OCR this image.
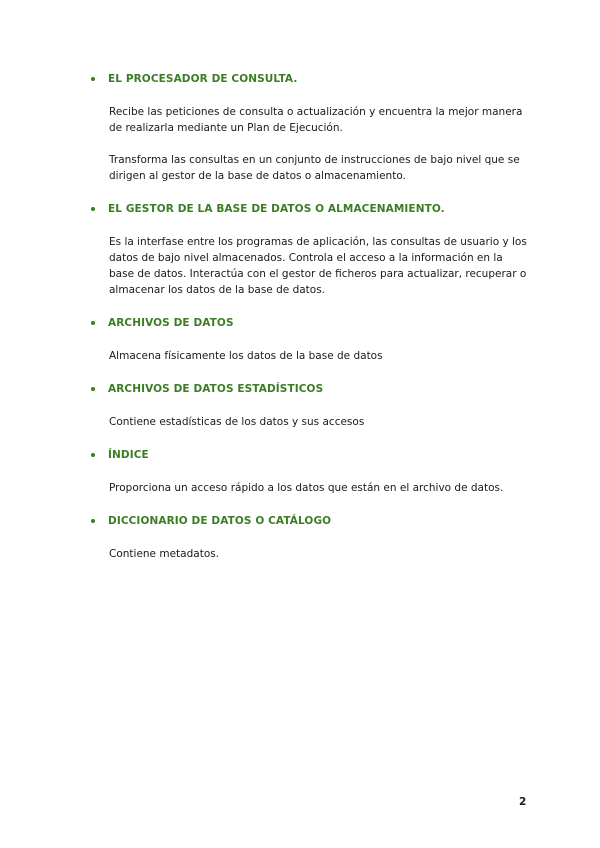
EL PROCESADOR DE CONSULTA.

Recibe las peticiones de consulta o actualización y encuentra la mejor manera de realizarla mediante un Plan de Ejecución.

Transforma las consultas en un conjunto de instrucciones de bajo nivel que se dirigen al gestor de la base de datos o almacenamiento.

EL GESTOR DE LA BASE DE DATOS O ALMACENAMIENTO.

Es la interfase entre los programas de aplicación, las consultas de usuario y los datos de bajo nivel almacenados. Controla el acceso a la información en la base de datos. Interactúa con el gestor de ficheros para actualizar, recuperar o almacenar los datos de la base de datos.

ARCHIVOS DE DATOS

Almacena físicamente los datos de la base de datos

ARCHIVOS DE DATOS ESTADÍSTICOS

Contiene estadísticas de los datos y sus accesos

ÍNDICE

Proporciona un acceso rápido a los datos que están en el archivo de datos.

DICCIONARIO DE DATOS O CATÁLOGO

Contiene metadatos.

2
